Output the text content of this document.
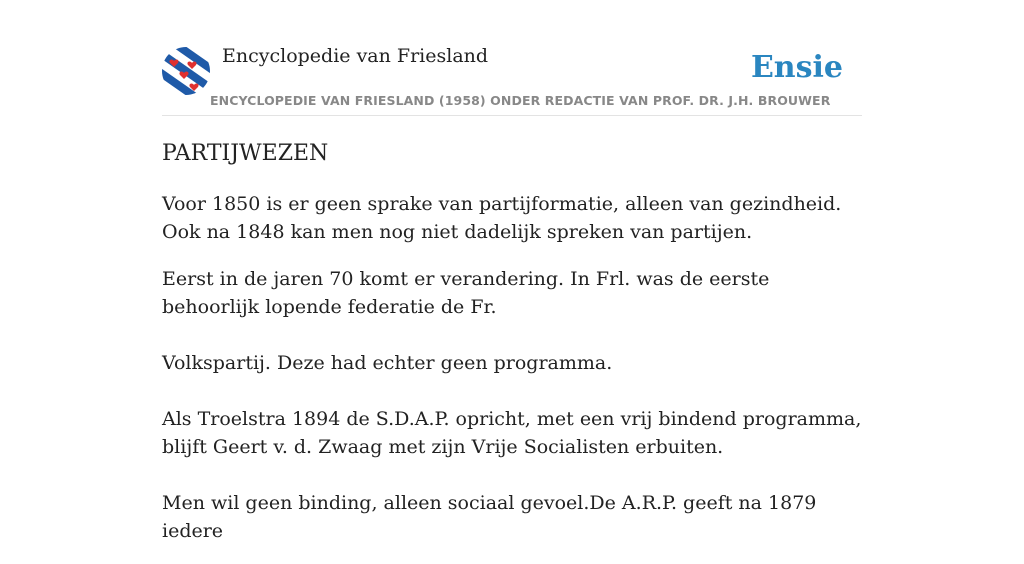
Encyclopedie van Friesland
ENCYCLOPEDIE VAN FRIESLAND (1958) ONDER REDACTIE VAN PROF. DR. J.H. BROUWER
Ensie
PARTIJWEZEN

Voor 1850 is er geen sprake van partijformatie, alleen van gezindheid. Ook na 1848 kan men nog niet dadelijk spreken van partijen.

Eerst in de jaren 70 komt er verandering. In Frl. was de eerste behoorlijk lopende federatie de Fr.

Volkspartij. Deze had echter geen programma.

Als Troelstra 1894 de S.D.A.P. opricht, met een vrij bindend programma, blijft Geert v. d. Zwaag met zijn Vrije Socialisten erbuiten.

Men wil geen binding, alleen sociaal gevoel.De A.R.P. geeft na 1879 iedere
